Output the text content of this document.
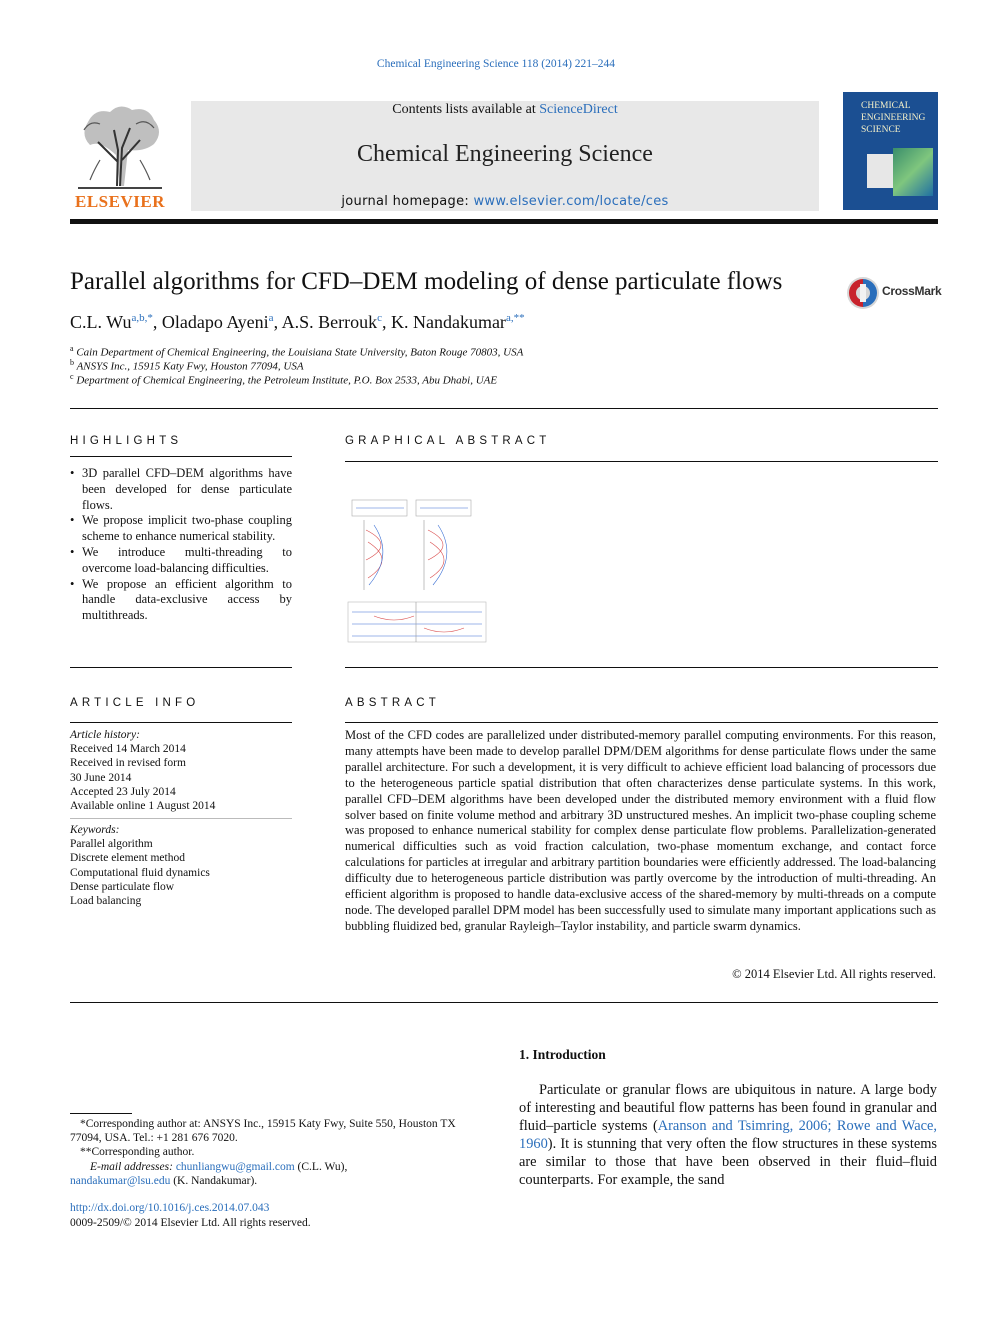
Chemical Engineering Science 118 (2014) 221–244
ELSEVIER
Contents lists available at ScienceDirect
Chemical Engineering Science
journal homepage: www.elsevier.com/locate/ces
CHEMICAL
ENGINEERING
SCIENCE
Parallel algorithms for CFD–DEM modeling of dense particulate flows	CrossMark
C.L. $Wu^{a,b,*}$, Oladapo Ayeni$^a$, A.S. Berrouk$^c$, K. Nandakumar$^{a,**}$
$^a$ Cain Department of Chemical Engineering, the Louisiana State University, Baton Rouge 70803, USA
$^b$ ANSYS Inc., 15915 Katy Fwy, Houston 77094, USA
$^c$ Department of Chemical Engineering, the Petroleum Institute, P.O. Box 2533, Abu Dhabi, UAE
HIGHLIGHTS
• 3D parallel CFD–DEM algorithms have been developed for dense particulate flows.
• We propose implicit two-phase coupling scheme to enhance numerical stability.
• We introduce multi-threading to overcome load-balancing difficulties.
• We propose an efficient algorithm to handle data-exclusive access by multithreads.
GRAPHICAL ABSTRACT
ARTICLE INFO
Article history:
Received 14 March 2014
Received in revised form
30 June 2014
Accepted 23 July 2014
Available online 1 August 2014
Keywords:
Parallel algorithm
Discrete element method
Computational fluid dynamics
Dense particulate flow
Load balancing
ABSTRACT
Most of the CFD codes are parallelized under distributed-memory parallel computing environments. For this reason, many attempts have been made to develop parallel DPM/DEM algorithms for dense particulate flows under the same parallel architecture. For such a development, it is very difficult to achieve efficient load balancing of processors due to the heterogeneous particle spatial distribution that often characterizes dense particulate systems. In this work, parallel CFD–DEM algorithms have been developed under the distributed memory environment with a fluid flow solver based on finite volume method and arbitrary 3D unstructured meshes. An implicit two-phase coupling scheme was proposed to enhance numerical stability for complex dense particulate flow problems. Parallelization-generated numerical difficulties such as void fraction calculation, two-phase momentum exchange, and contact force calculations for particles at irregular and arbitrary partition boundaries were efficiently addressed. The load-balancing difficulty due to heterogeneous particle distribution was partly overcome by the introduction of multi-threading. An efficient algorithm is proposed to handle data-exclusive access of the shared-memory by multi-threads on a compute node. The developed parallel DPM model has been successfully used to simulate many important applications such as bubbling fluidized bed, granular Rayleigh–Taylor instability, and particle swarm dynamics.
© 2014 Elsevier Ltd. All rights reserved.
*Corresponding author at: ANSYS Inc., 15915 Katy Fwy, Suite 550, Houston TX 77094, USA. Tel.: +1 281 676 7020.
**Corresponding author.
E-mail addresses: chunliangwu@gmail.com (C.L. Wu),
nandakumar@lsu.edu (K. Nandakumar).
http://dx.doi.org/10.1016/j.ces.2014.07.043
0009-2509/© 2014 Elsevier Ltd. All rights reserved.
1. Introduction
Particulate or granular flows are ubiquitous in nature. A large body of interesting and beautiful flow patterns has been found in granular and fluid–particle systems (Aranson and Tsimring, 2006; Rowe and Wace, 1960). It is stunning that very often the flow structures in these systems are similar to those that have been observed in their fluid–fluid counterparts. For example, the sand
